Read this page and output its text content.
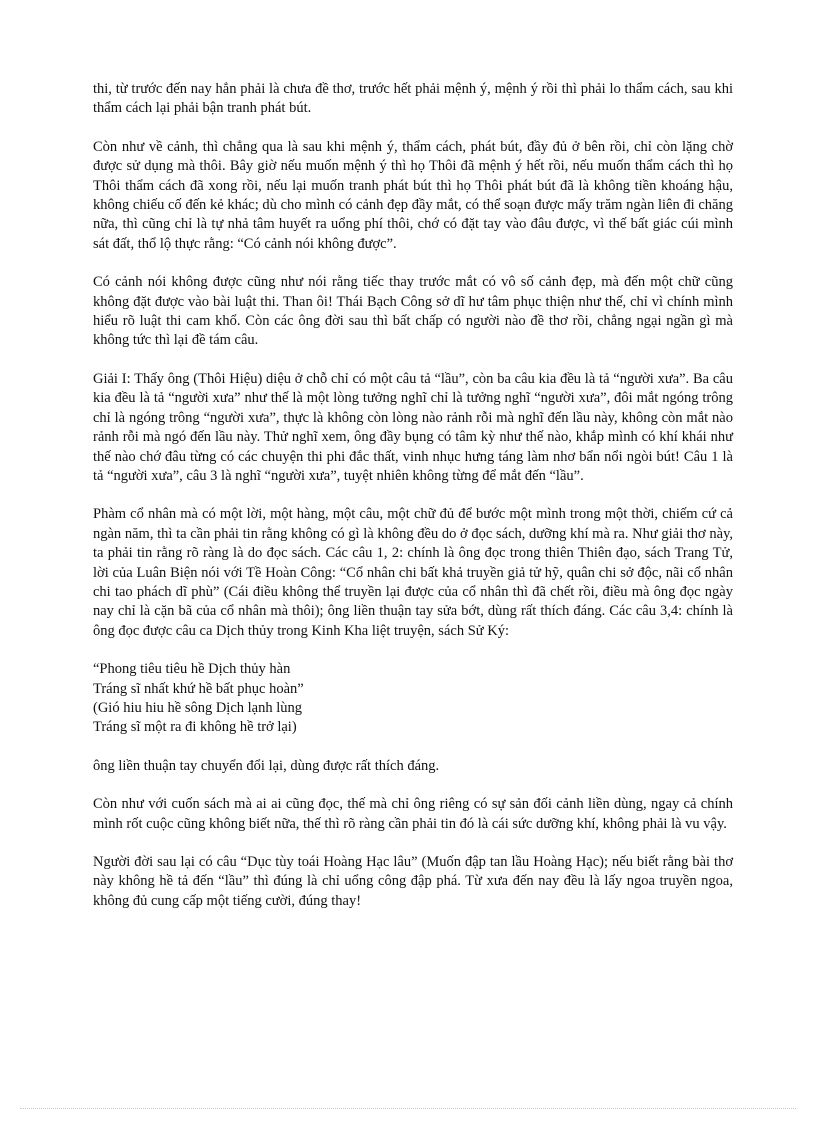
thi, từ trước đến nay hẳn phải là chưa đề thơ, trước hết phải mệnh ý, mệnh ý rồi thì phải lo thẩm cách, sau khi thẩm cách lại phải bận tranh phát bút.

Còn như về cảnh, thì chẳng qua là sau khi mệnh ý, thẩm cách, phát bút, đầy đủ ở bên rồi, chỉ còn lặng chờ được sử dụng mà thôi. Bây giờ nếu muốn mệnh ý thì họ Thôi đã mệnh ý hết rồi, nếu muốn thẩm cách thì họ Thôi thẩm cách đã xong rồi, nếu lại muốn tranh phát bút thì họ Thôi phát bút đã là không tiền khoáng hậu, không chiếu cố đến kẻ khác; dù cho mình có cảnh đẹp đầy mắt, có thể soạn được mấy trăm ngàn liên đi chăng nữa, thì cũng chỉ là tự nhả tâm huyết ra uổng phí thôi, chớ có đặt tay vào đâu được, vì thế bất giác cúi mình sát đất, thổ lộ thực rằng: “Có cảnh nói không được”.

Có cảnh nói không được cũng như nói rằng tiếc thay trước mắt có vô số cảnh đẹp, mà đến một chữ cũng không đặt được vào bài luật thi. Than ôi! Thái Bạch Công sở dĩ hư tâm phục thiện như thế, chỉ vì chính mình hiểu rõ luật thi cam khổ. Còn các ông đời sau thì bất chấp có người nào đề thơ rồi, chẳng ngại ngần gì mà không tức thì lại đề tám câu.

Giải I: Thấy ông (Thôi Hiệu) diệu ở chỗ chỉ có một câu tả “lầu”, còn ba câu kia đều là tả “người xưa”. Ba câu kia đều là tả “người xưa” như thế là một lòng tưởng nghĩ chỉ là tưởng nghĩ “người xưa”, đôi mắt ngóng trông chỉ là ngóng trông “người xưa”, thực là không còn lòng nào rảnh rỗi mà nghĩ đến lầu này, không còn mắt nào rảnh rỗi mà ngó đến lầu này. Thử nghĩ xem, ông đầy bụng có tâm kỳ như thế nào, khắp mình có khí khái như thế nào chớ đâu từng có các chuyện thi phi đắc thất, vinh nhục hưng táng làm nhơ bẩn nổi ngòi bút! Câu 1 là tả “người xưa”, câu 3 là nghĩ “người xưa”, tuyệt nhiên không từng để mắt đến “lầu”.

Phàm cổ nhân mà có một lời, một hàng, một câu, một chữ đủ để bước một mình trong một thời, chiếm cứ cả ngàn năm, thì ta cần phải tin rằng không có gì là không đều do ở đọc sách, dưỡng khí mà ra. Như giải thơ này, ta phải tin rằng rõ ràng là do đọc sách. Các câu 1, 2: chính là ông đọc trong thiên Thiên đạo, sách Trang Tử, lời của Luân Biện nói với Tề Hoàn Công: “Cổ nhân chi bất khả truyền giả tử hỹ, quân chi sở độc, nãi cổ nhân chi tao phách dĩ phù” (Cái điều không thể truyền lại được của cổ nhân thì đã chết rồi, điều mà ông đọc ngày nay chỉ là cặn bã của cổ nhân mà thôi); ông liền thuận tay sửa bớt, dùng rất thích đáng. Các câu 3,4: chính là ông đọc được câu ca Dịch thủy trong Kinh Kha liệt truyện, sách Sử Ký:

“Phong tiêu tiêu hề Dịch thủy hàn
Tráng sĩ nhất khứ hề bất phục hoàn”
(Gió hiu hiu hề sông Dịch lạnh lùng
Tráng sĩ một ra đi không hề trở lại)

ông liền thuận tay chuyển đổi lại, dùng được rất thích đáng.

Còn như với cuốn sách mà ai ai cũng đọc, thế mà chỉ ông riêng có sự sản đối cảnh liền dùng, ngay cả chính mình rốt cuộc cũng không biết nữa, thế thì rõ ràng cần phải tin đó là cái sức dưỡng khí, không phải là vu vậy.

Người đời sau lại có câu “Dục tùy toái Hoàng Hạc lâu” (Muốn đập tan lầu Hoàng Hạc); nếu biết rằng bài thơ này không hề tả đến “lầu” thì đúng là chỉ uổng công đập phá. Từ xưa đến nay đều là lấy ngoa truyền ngoa, không đủ cung cấp một tiếng cười, đúng thay!
